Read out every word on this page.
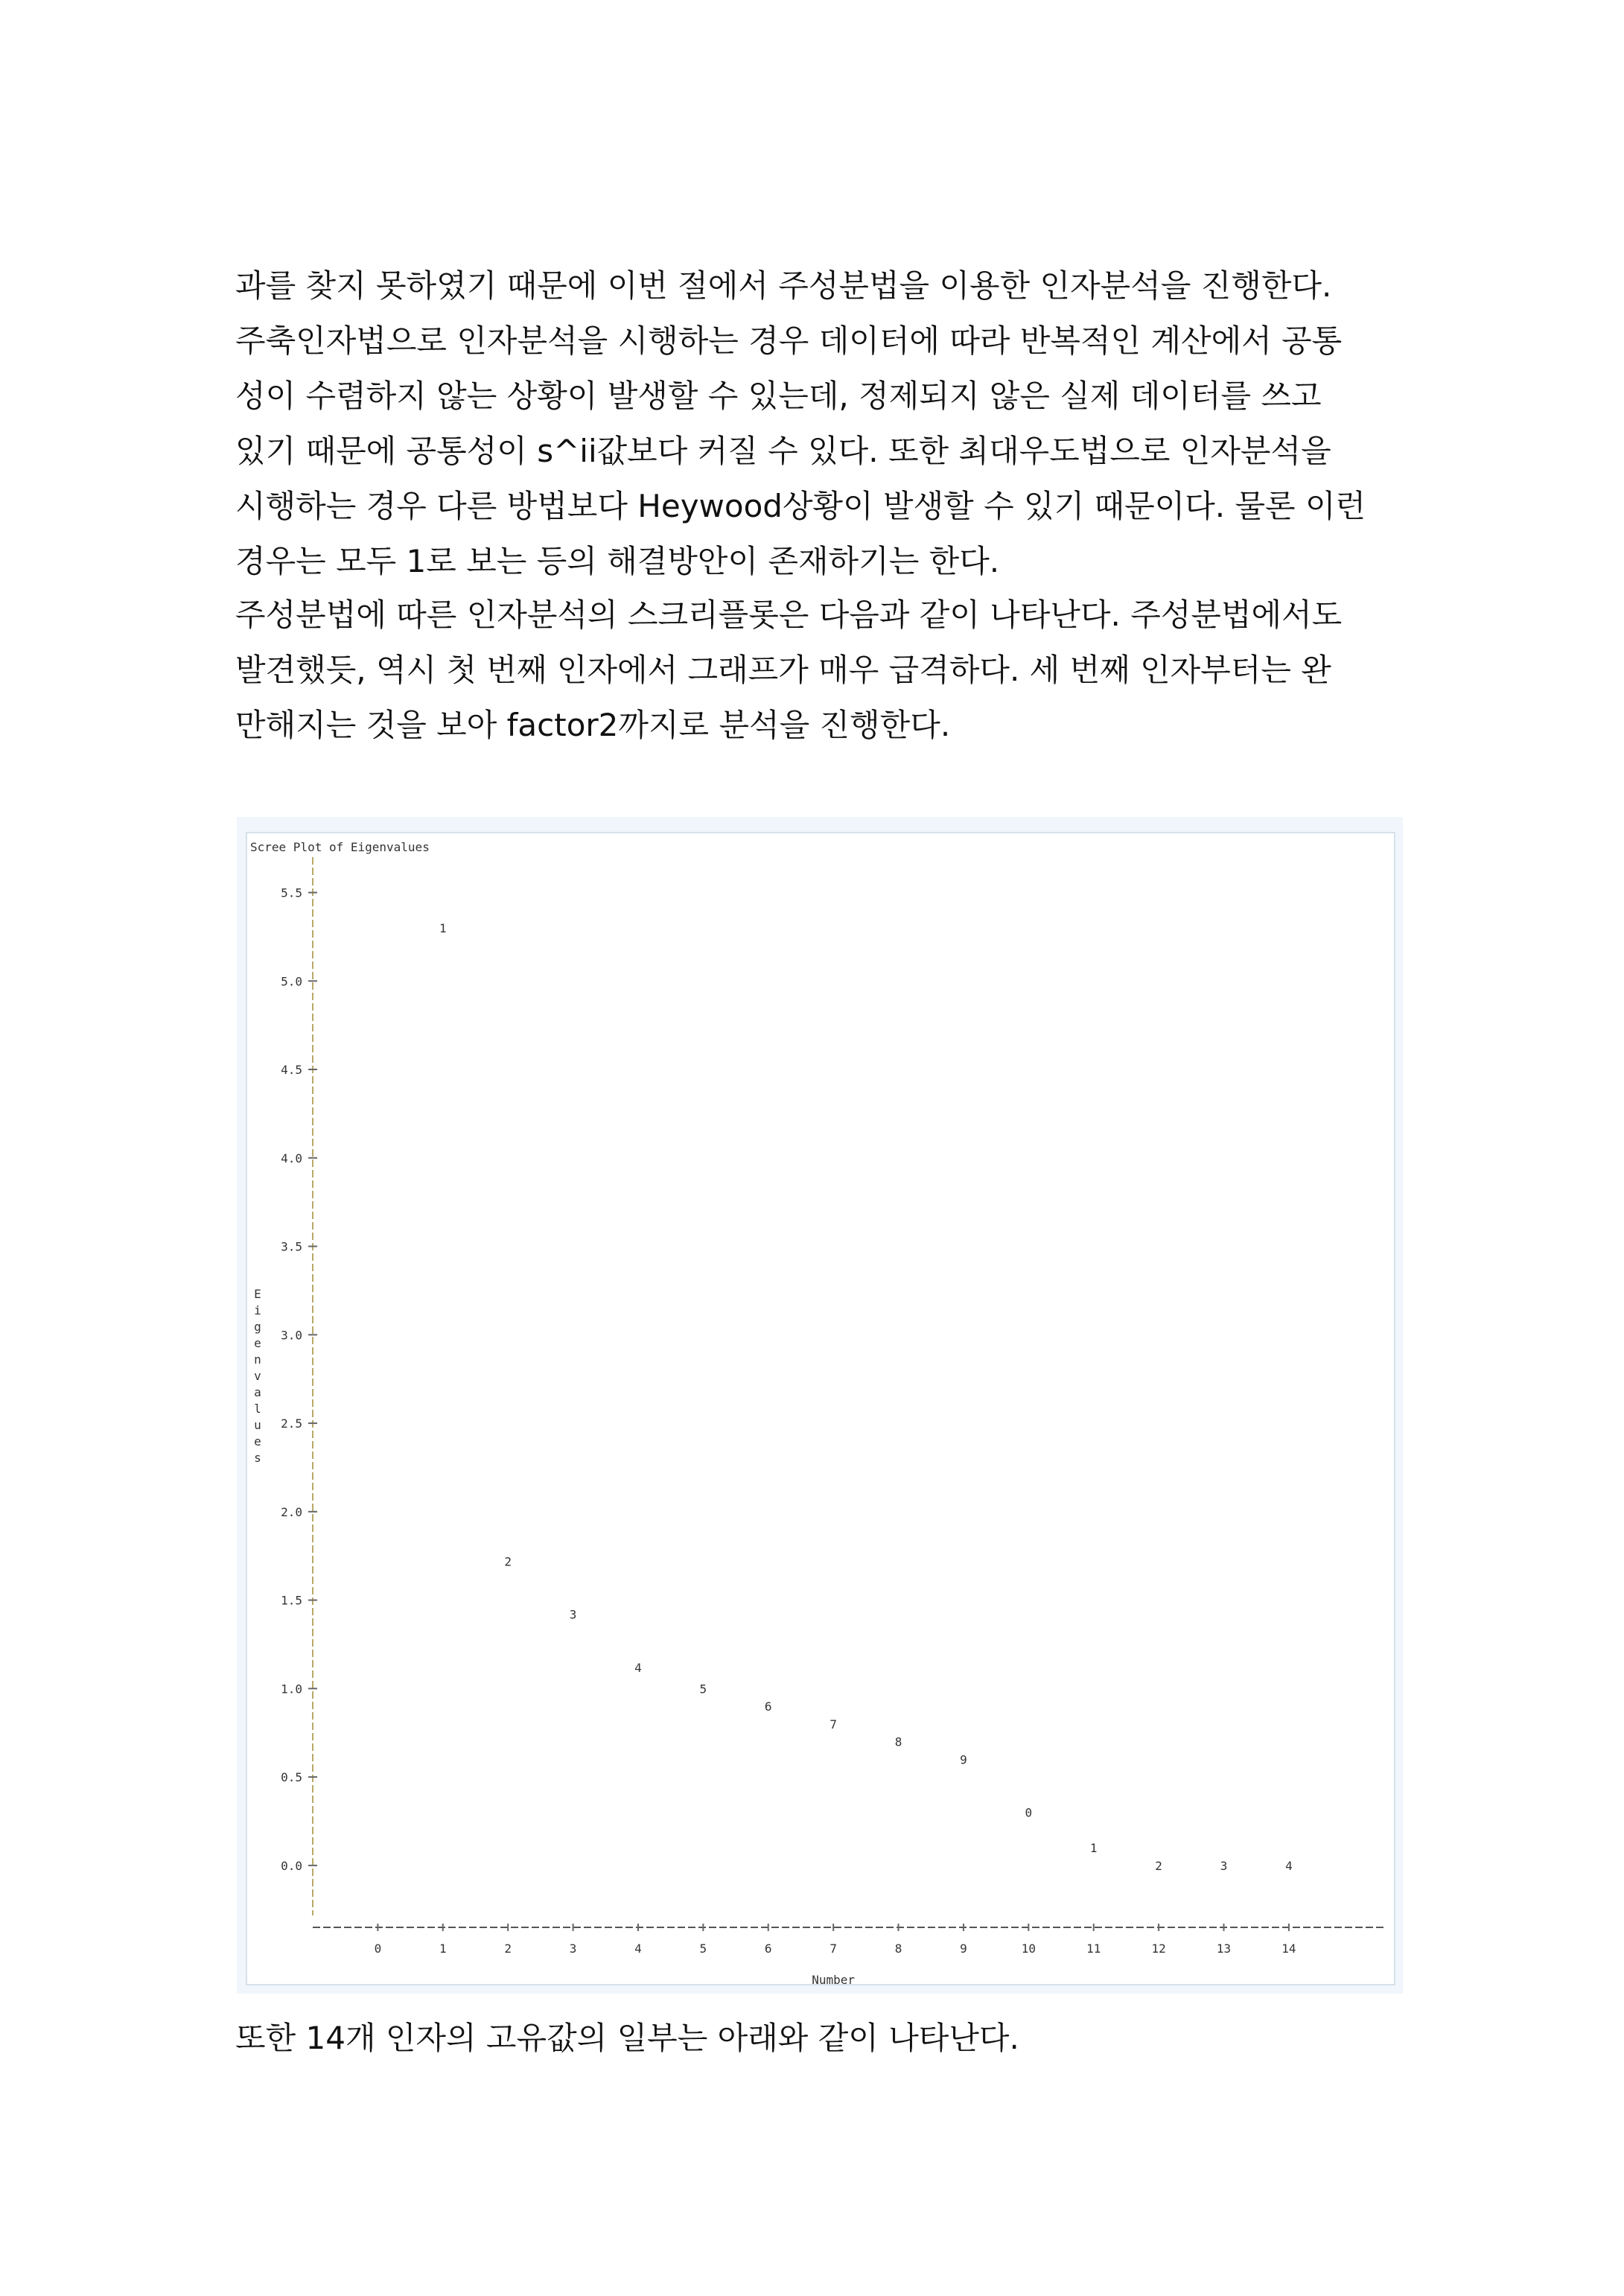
과를 찾지 못하였기 때문에 이번 절에서 주성분법을 이용한 인자분석을 진행한다.
주축인자법으로 인자분석을 시행하는 경우 데이터에 따라 반복적인 계산에서 공통
성이 수렴하지 않는 상황이 발생할 수 있는데, 정제되지 않은 실제 데이터를 쓰고
있기 때문에 공통성이 s^ii값보다 커질 수 있다. 또한 최대우도법으로 인자분석을
시행하는 경우 다른 방법보다 Heywood상황이 발생할 수 있기 때문이다. 물론 이런
경우는 모두 1로 보는 등의 해결방안이 존재하기는 한다.
주성분법에 따른 인자분석의 스크리플롯은 다음과 같이 나타난다. 주성분법에서도
발견했듯, 역시 첫 번째 인자에서 그래프가 매우 급격하다. 세 번째 인자부터는 완
만해지는 것을 보아 factor2까지로 분석을 진행한다.
Scree Plot of Eigenvalues
0.0
0.5
1.0
1.5
2.0
2.5
3.0
3.5
4.0
4.5
5.0
5.5
0	1	2	3	4	5	6	7	8	9	10	11	12	13	14
E
i
g
e
n
v
a
l
u
e
s
Number
1
2
3
4
5
6
7
8
9
0
1
2	3	4
또한 14개 인자의 고유값의 일부는 아래와 같이 나타난다.
